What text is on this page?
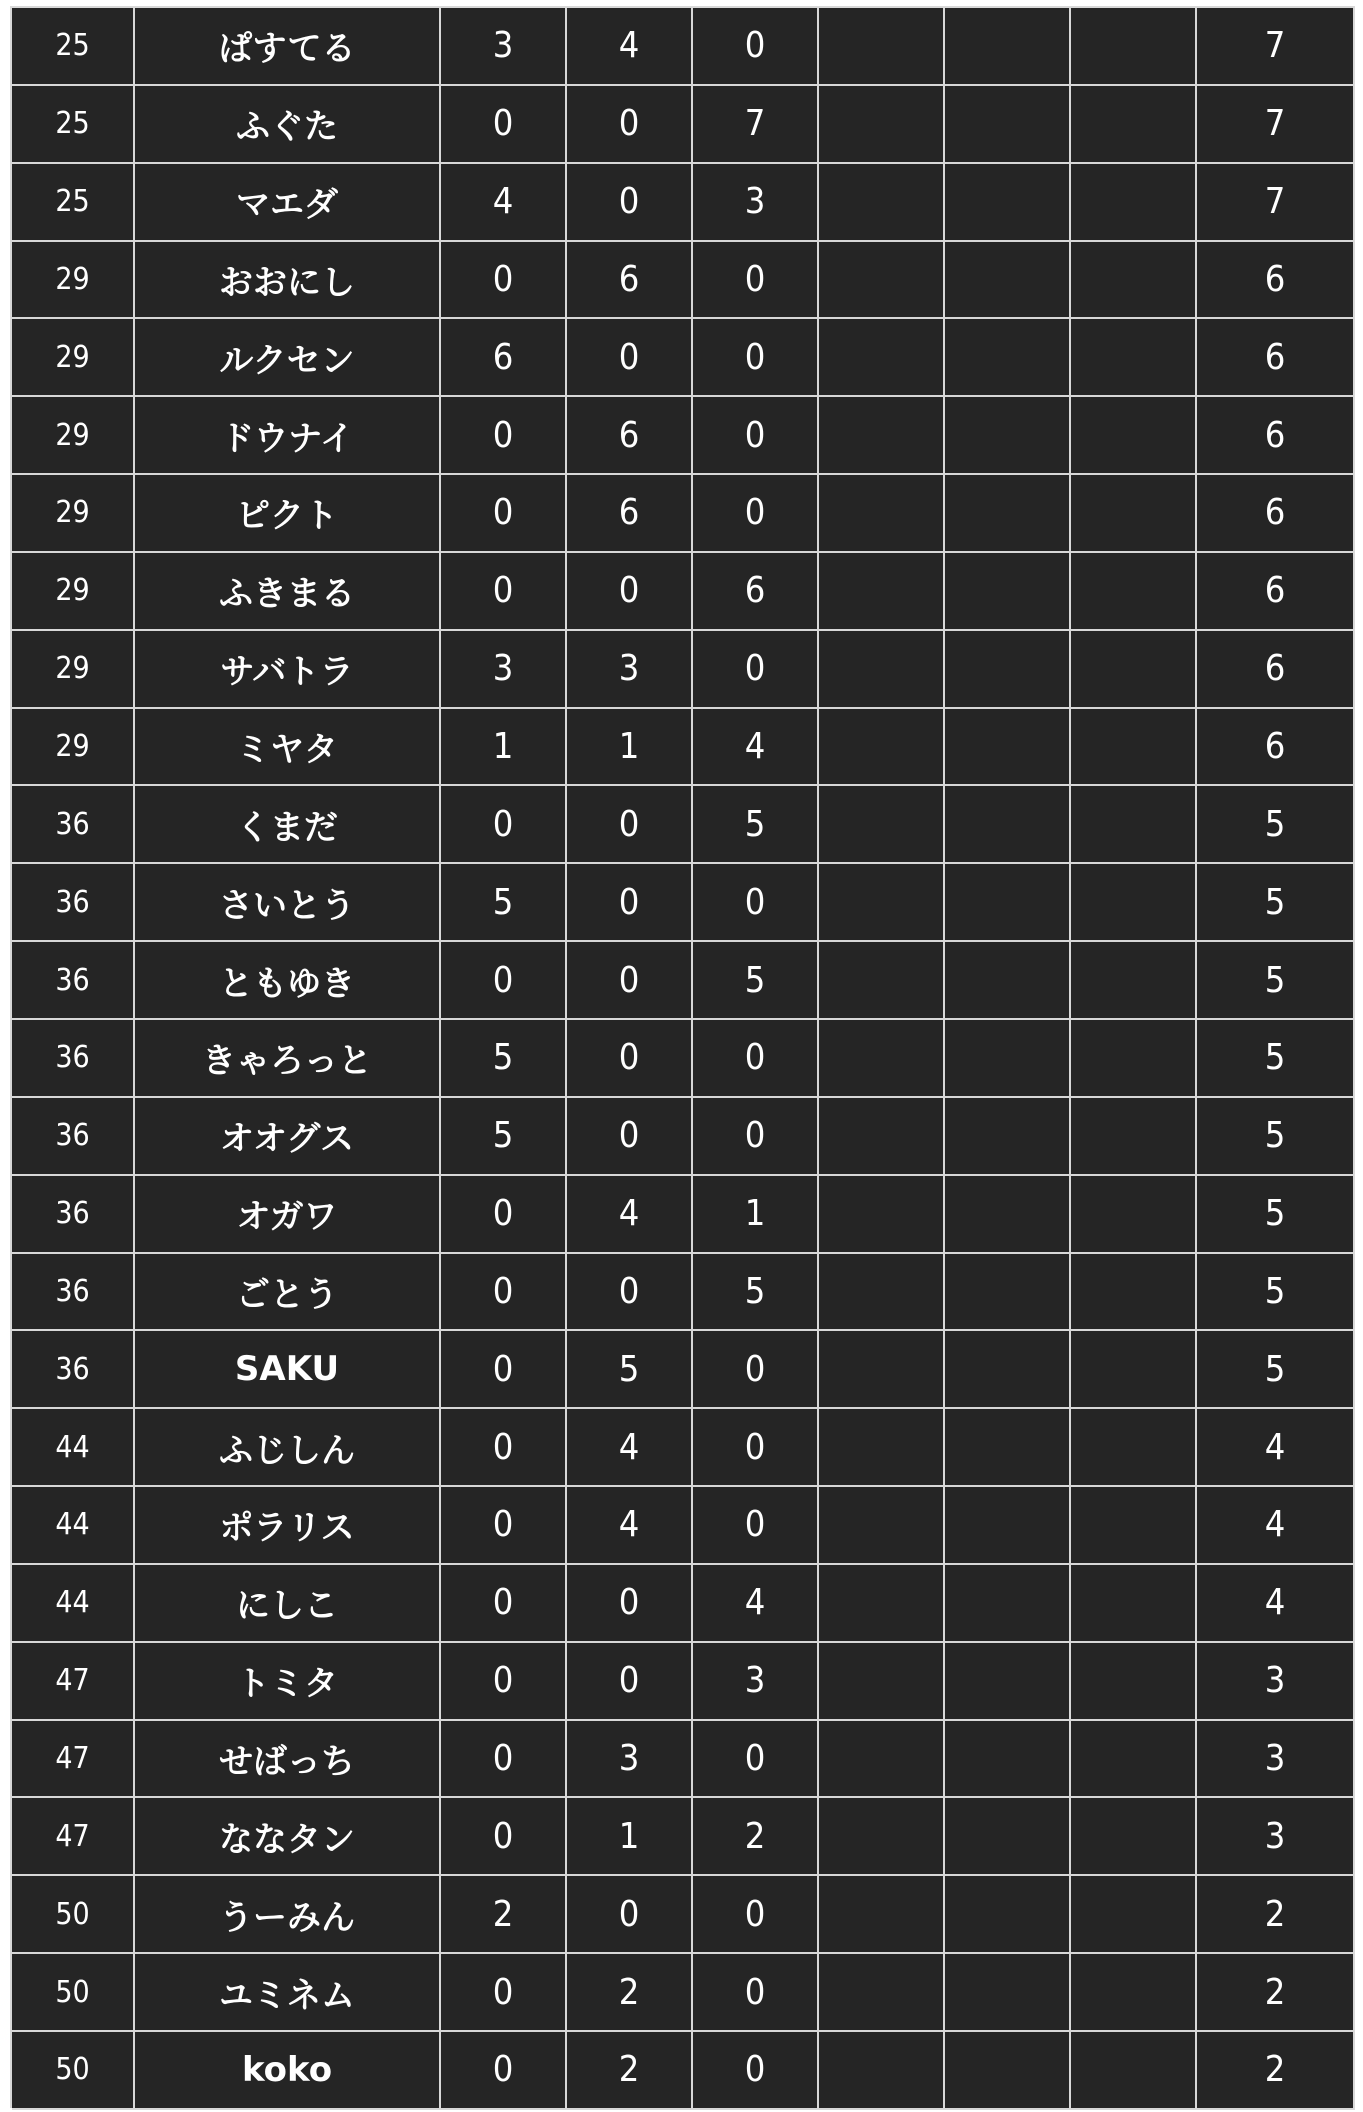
25	ぱすてる	3	4	0	7
25	ふぐた	0	0	7	7
25	マエダ	4	0	3	7
29	おおにし	0	6	0	6
29	ルクセン	6	0	0	6
29	ドウナイ	0	6	0	6
29	ピクト	0	6	0	6
29	ふきまる	0	0	6	6
29	サバトラ	3	3	0	6
29	ミヤタ	1	1	4	6
36	くまだ	0	0	5	5
36	さいとう	5	0	0	5
36	ともゆき	0	0	5	5
36	きゃろっと	5	0	0	5
36	オオグス	5	0	0	5
36	オガワ	0	4	1	5
36	ごとう	0	0	5	5
36	SAKU	0	5	0	5
44	ふじしん	0	4	0	4
44	ポラリス	0	4	0	4
44	にしこ	0	0	4	4
47	トミタ	0	0	3	3
47	せばっち	0	3	0	3
47	ななタン	0	1	2	3
50	うーみん	2	0	0	2
50	ユミネム	0	2	0	2
50	koko	0	2	0	2
